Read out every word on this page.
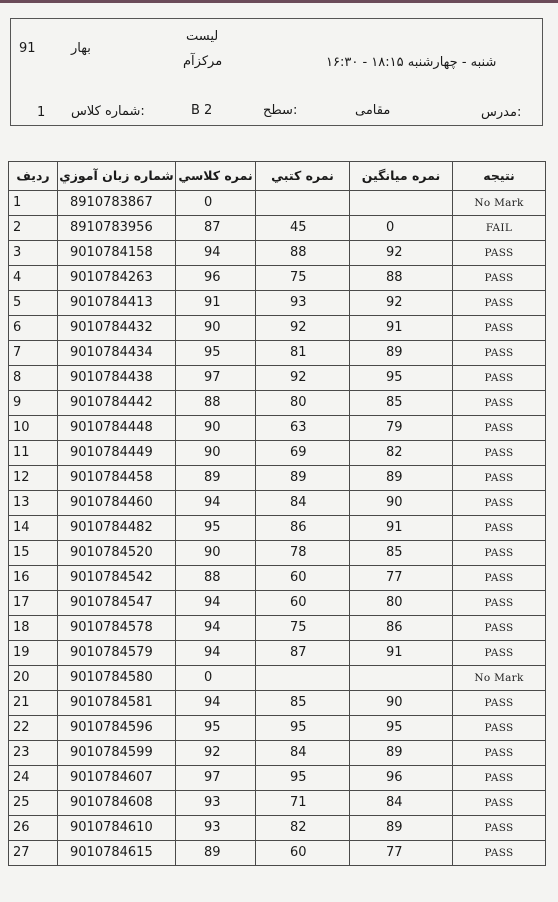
91	بهار
لیست
مرکزآم	شنبه - چهارشنبه ۱۸:۱۵ - ۱۶:۳۰
1 شماره کلاس:	B 2	سطح:	مقامی	مدرس:
ردیف	شماره زبان آموزي	نمره كلاسي	نمره كتبي	نمره ميانگين	نتيجه
1	8910783867	0			No Mark
2	8910783956	87	45	0	FAIL
3	9010784158	94	88	92	PASS
4	9010784263	96	75	88	PASS
5	9010784413	91	93	92	PASS
6	9010784432	90	92	91	PASS
7	9010784434	95	81	89	PASS
8	9010784438	97	92	95	PASS
9	9010784442	88	80	85	PASS
10	9010784448	90	63	79	PASS
11	9010784449	90	69	82	PASS
12	9010784458	89	89	89	PASS
13	9010784460	94	84	90	PASS
14	9010784482	95	86	91	PASS
15	9010784520	90	78	85	PASS
16	9010784542	88	60	77	PASS
17	9010784547	94	60	80	PASS
18	9010784578	94	75	86	PASS
19	9010784579	94	87	91	PASS
20	9010784580	0			No Mark
21	9010784581	94	85	90	PASS
22	9010784596	95	95	95	PASS
23	9010784599	92	84	89	PASS
24	9010784607	97	95	96	PASS
25	9010784608	93	71	84	PASS
26	9010784610	93	82	89	PASS
27	9010784615	89	60	77	PASS
